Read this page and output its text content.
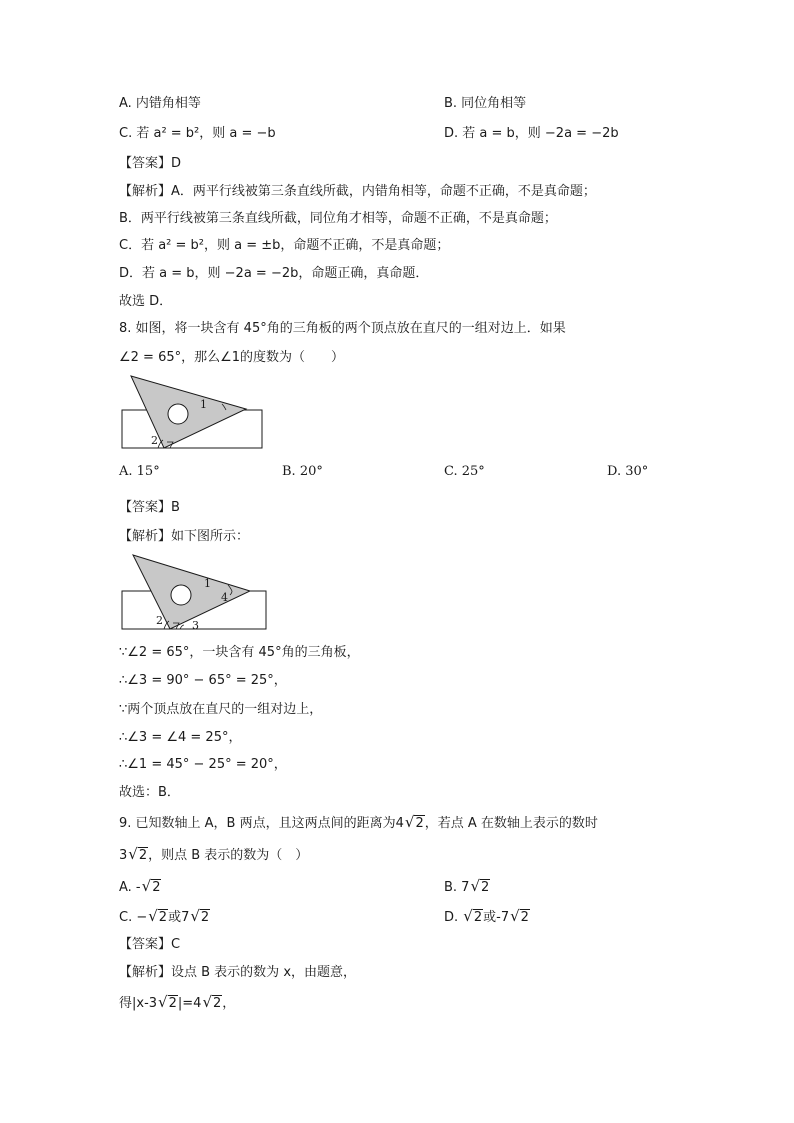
A. 内错角相等	B. 同位角相等
C. 若 a² = b²，则 a = −b	D. 若 a = b，则 −2a = −2b
【答案】D
【解析】A．两平行线被第三条直线所截，内错角相等，命题不正确，不是真命题；
B．两平行线被第三条直线所截，同位角才相等，命题不正确，不是真命题；
C．若 a² = b²，则 a = ±b，命题不正确，不是真命题；
D．若 a = b，则 −2a = −2b，命题正确，真命题．
故选 D．
8. 如图，将一块含有 45°角的三角板的两个顶点放在直尺的一组对边上．如果
∠2 = 65°，那么∠1的度数为（　　）
1
2
A. 15°	B. 20°	C. 25°	D. 30°
【答案】B
【解析】如下图所示：
1
4
2	3
∵∠2 = 65°，一块含有 45°角的三角板，
∴∠3 = 90° − 65° = 25°，
∵两个顶点放在直尺的一组对边上，
∴∠3 = ∠4 = 25°，
∴∠1 = 45° − 25° = 20°，
故选：B．
9. 已知数轴上 A，B 两点，且这两点间的距离为4√2，若点 A 在数轴上表示的数时
3√2，则点 B 表示的数为（　）
A. -√2	B. 7√2
C. −√2或7√2	D. √2或-7√2
【答案】C
【解析】设点 B 表示的数为 x，由题意，
得|x-3√2|=4√2，
